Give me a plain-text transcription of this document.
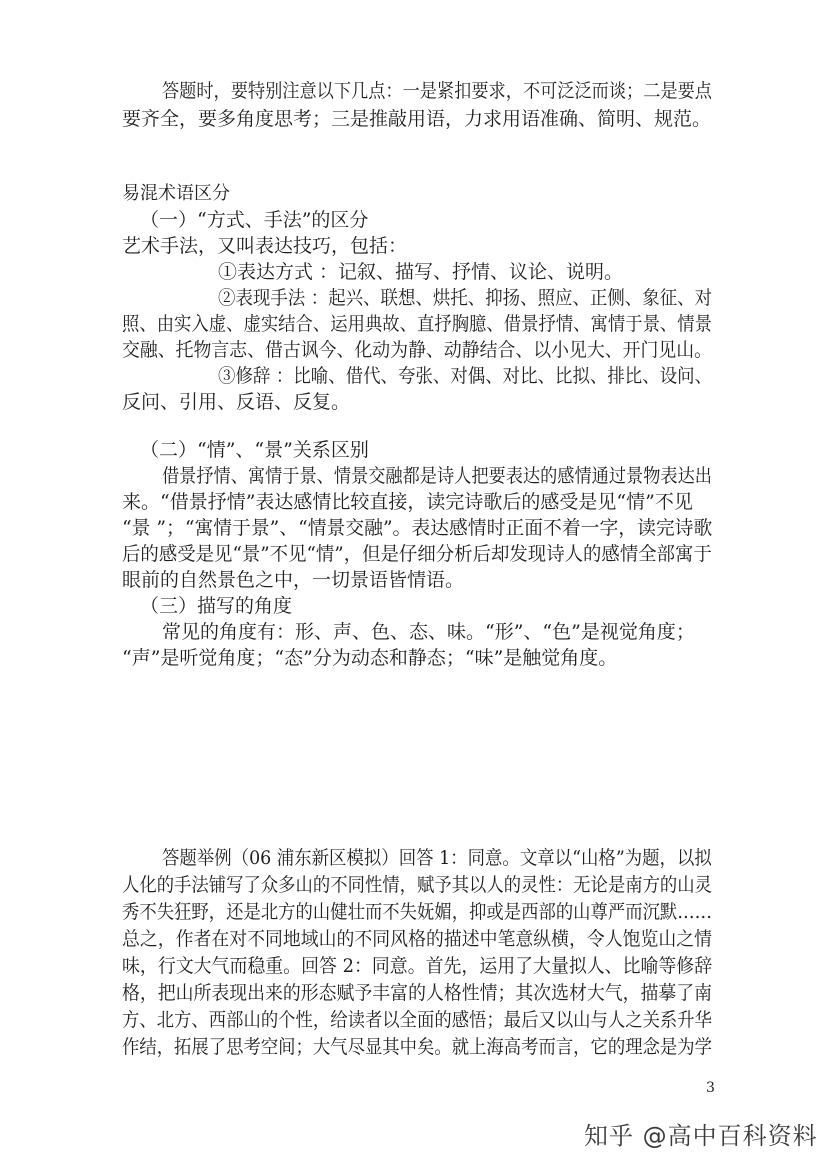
答题时，要特别注意以下几点：一是紧扣要求，不可泛泛而谈；二是要点
要齐全，要多角度思考；三是推敲用语，力求用语准确、简明、规范。
易混术语区分
（一）“方式、手法”的区分
艺术手法，又叫表达技巧，包括：
①表达方式 ：记叙、描写、抒情、议论、说明。
②表现手法 ：起兴、联想、烘托、抑扬、照应、正侧、象征、对
照、由实入虚、虚实结合、运用典故、直抒胸臆、借景抒情、寓情于景、情景
交融、托物言志、借古讽今、化动为静、动静结合、以小见大、开门见山。
③修辞 ：比喻、借代、夸张、对偶、对比、比拟、排比、设问、
反问、引用、反语、反复。
（二）“情”、“景”关系区别
借景抒情、寓情于景、情景交融都是诗人把要表达的感情通过景物表达出
来。“借景抒情”表达感情比较直接，读完诗歌后的感受是见“情”不见
“景 ”；“寓情于景”、“情景交融”。表达感情时正面不着一字，读完诗歌
后的感受是见“景”不见“情”，但是仔细分析后却发现诗人的感情全部寓于
眼前的自然景色之中，一切景语皆情语。
（三）描写的角度
常见的角度有：形、声、色、态、味。“形”、“色”是视觉角度；
“声”是听觉角度；“态”分为动态和静态；“味”是触觉角度。
答题举例（06 浦东新区模拟）回答 1：同意。文章以“山格”为题，以拟
人化的手法铺写了众多山的不同性情，赋予其以人的灵性：无论是南方的山灵
秀不失狂野，还是北方的山健壮而不失妩媚，抑或是西部的山尊严而沉默……
总之，作者在对不同地域山的不同风格的描述中笔意纵横，令人饱览山之情
味，行文大气而稳重。回答 2：同意。首先，运用了大量拟人、比喻等修辞
格，把山所表现出来的形态赋予丰富的人格性情；其次选材大气，描摹了南
方、北方、西部山的个性，给读者以全面的感悟；最后又以山与人之关系升华
作结，拓展了思考空间；大气尽显其中矣。就上海高考而言，它的理念是为学
3
知乎 @高中百科资料
